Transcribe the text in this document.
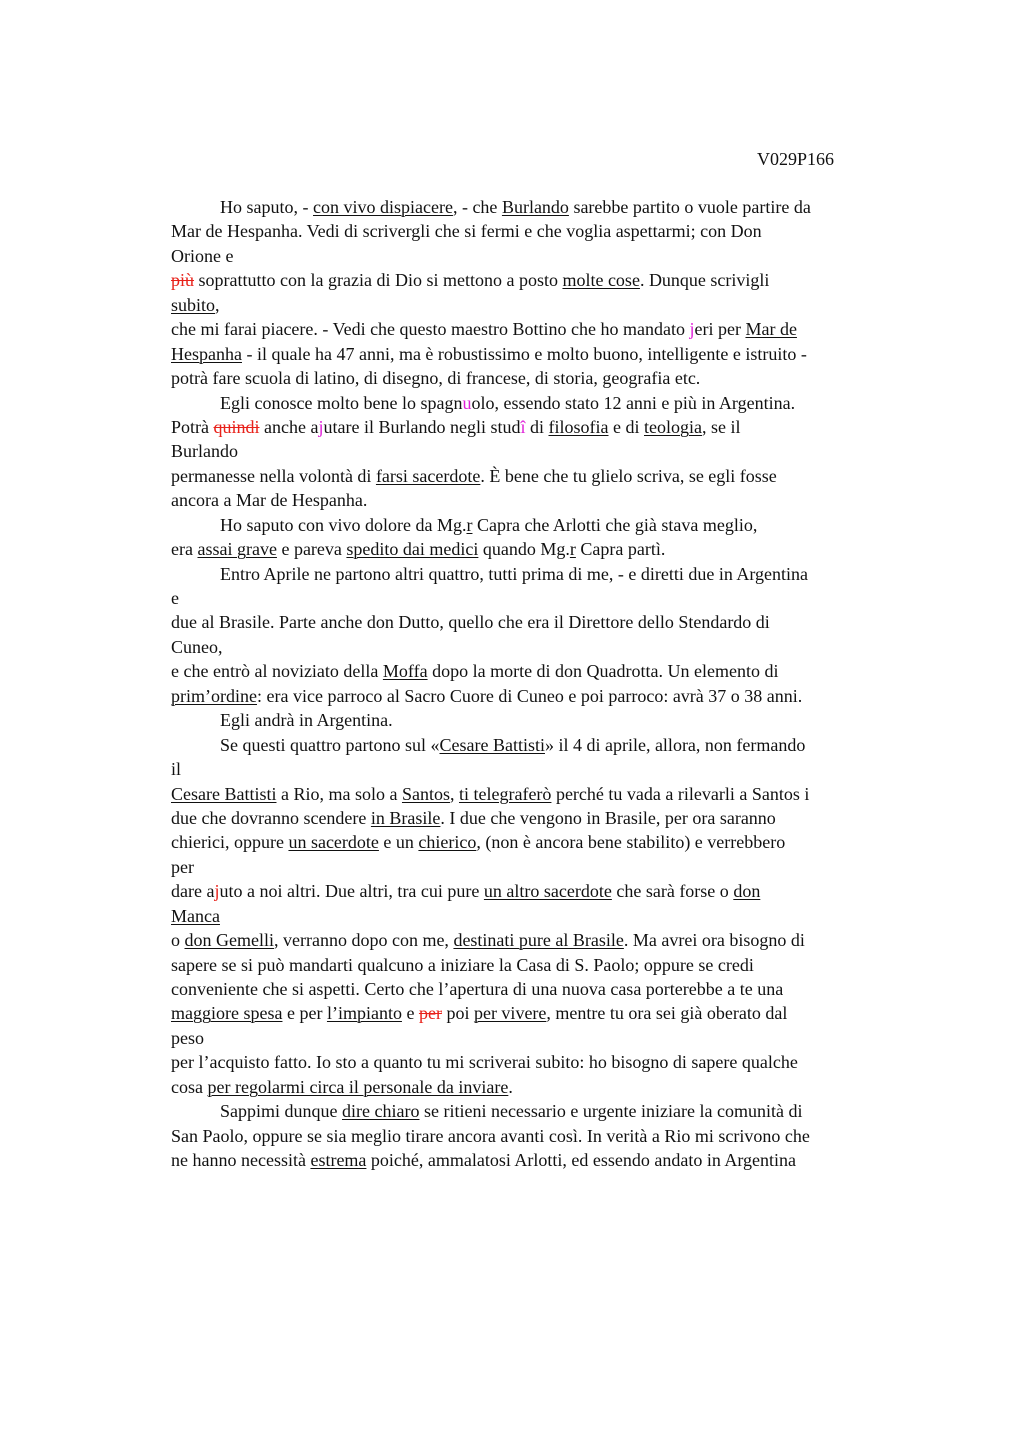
V029P166
Ho saputo, - con vivo dispiacere, - che Burlando sarebbe partito o vuole partire da
Mar de Hespanha. Vedi di scrivergli che si fermi e che voglia aspettarmi; con Don
Orione e
più soprattutto con la grazia di Dio si mettono a posto molte cose. Dunque scrivigli
subito,
che mi farai piacere. - Vedi che questo maestro Bottino che ho mandato jeri per Mar de
Hespanha - il quale ha 47 anni, ma è robustissimo e molto buono, intelligente e istruito -
potrà fare scuola di latino, di disegno, di francese, di storia, geografia etc.
Egli conosce molto bene lo spagnuolo, essendo stato 12 anni e più in Argentina.
Potrà quindi anche ajutare il Burlando negli studî di filosofia e di teologia, se il
Burlando
permanesse nella volontà di farsi sacerdote. È bene che tu glielo scriva, se egli fosse
ancora a Mar de Hespanha.
Ho saputo con vivo dolore da Mg.r Capra che Arlotti che già stava meglio,
era assai grave e pareva spedito dai medici quando Mg.r Capra partì.
Entro Aprile ne partono altri quattro, tutti prima di me, - e diretti due in Argentina
e
due al Brasile. Parte anche don Dutto, quello che era il Direttore dello Stendardo di
Cuneo,
e che entrò al noviziato della Moffa dopo la morte di don Quadrotta. Un elemento di
prim’ordine: era vice parroco al Sacro Cuore di Cuneo e poi parroco: avrà 37 o 38 anni.
Egli andrà in Argentina.
Se questi quattro partono sul «Cesare Battisti» il 4 di aprile, allora, non fermando
il
Cesare Battisti a Rio, ma solo a Santos, ti telegraferò perché tu vada a rilevarli a Santos i
due che dovranno scendere in Brasile. I due che vengono in Brasile, per ora saranno
chierici, oppure un sacerdote e un chierico, (non è ancora bene stabilito) e verrebbero
per
dare ajuto a noi altri. Due altri, tra cui pure un altro sacerdote che sarà forse o don
Manca
o don Gemelli, verranno dopo con me, destinati pure al Brasile. Ma avrei ora bisogno di
sapere se si può mandarti qualcuno a iniziare la Casa di S. Paolo; oppure se credi
conveniente che si aspetti. Certo che l’apertura di una nuova casa porterebbe a te una
maggiore spesa e per l’impianto e per poi per vivere, mentre tu ora sei già oberato dal
peso
per l’acquisto fatto. Io sto a quanto tu mi scriverai subito: ho bisogno di sapere qualche
cosa per regolarmi circa il personale da inviare.
Sappimi dunque dire chiaro se ritieni necessario e urgente iniziare la comunità di
San Paolo, oppure se sia meglio tirare ancora avanti così. In verità a Rio mi scrivono che
ne hanno necessità estrema poiché, ammalatosi Arlotti, ed essendo andato in Argentina
